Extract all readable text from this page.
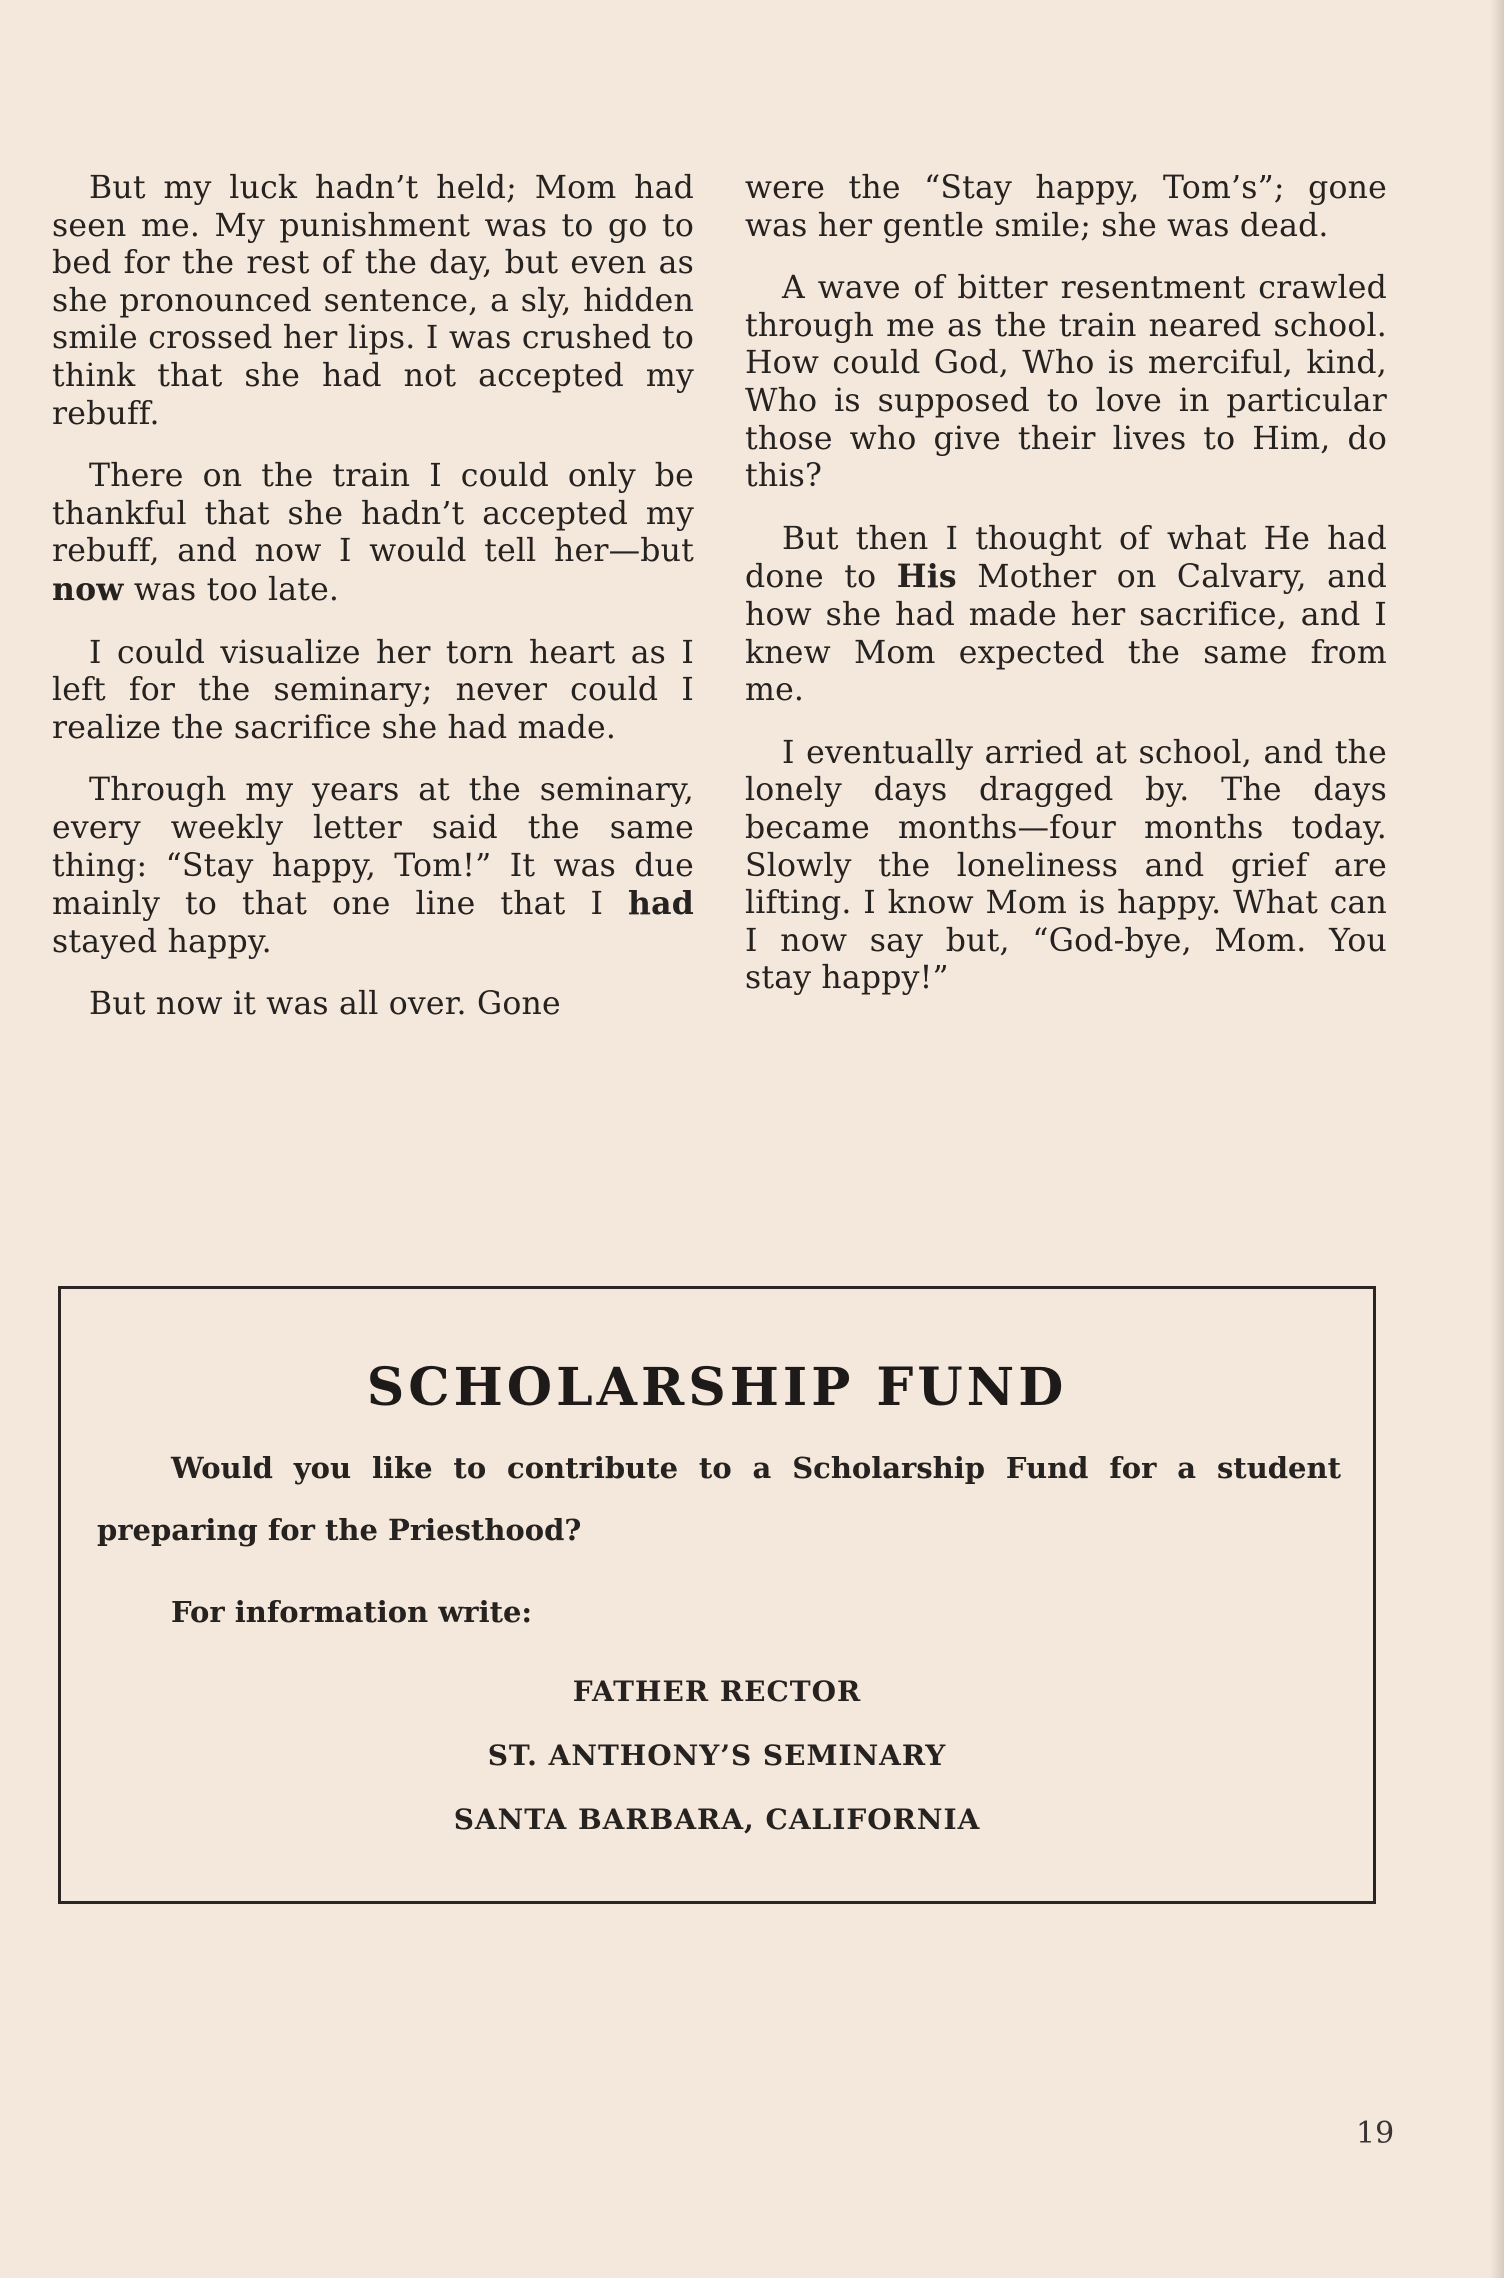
But my luck hadn’t held; Mom had seen me. My punishment was to go to bed for the rest of the day, but even as she pronounced sentence, a sly, hidden smile crossed her lips. I was crushed to think that she had not accepted my rebuff.

There on the train I could only be thankful that she hadn’t accepted my rebuff, and now I would tell her—but now was too late.

I could visualize her torn heart as I left for the seminary; never could I realize the sacrifice she had made.

Through my years at the seminary, every weekly letter said the same thing: “Stay happy, Tom!” It was due mainly to that one line that I had stayed happy.

But now it was all over. Gone

were the “Stay happy, Tom’s”; gone was her gentle smile; she was dead.

A wave of bitter resentment crawled through me as the train neared school. How could God, Who is merciful, kind, Who is supposed to love in particular those who give their lives to Him, do this?

But then I thought of what He had done to His Mother on Calvary, and how she had made her sacrifice, and I knew Mom expected the same from me.

I eventually arried at school, and the lonely days dragged by. The days became months—four months today. Slowly the loneliness and grief are lifting. I know Mom is happy. What can I now say but, “God-bye, Mom. You stay happy!”

SCHOLARSHIP FUND
Would you like to contribute to a Scholarship Fund for a student preparing for the Priesthood?
For information write:
FATHER RECTOR
ST. ANTHONY’S SEMINARY
SANTA BARBARA, CALIFORNIA
19
